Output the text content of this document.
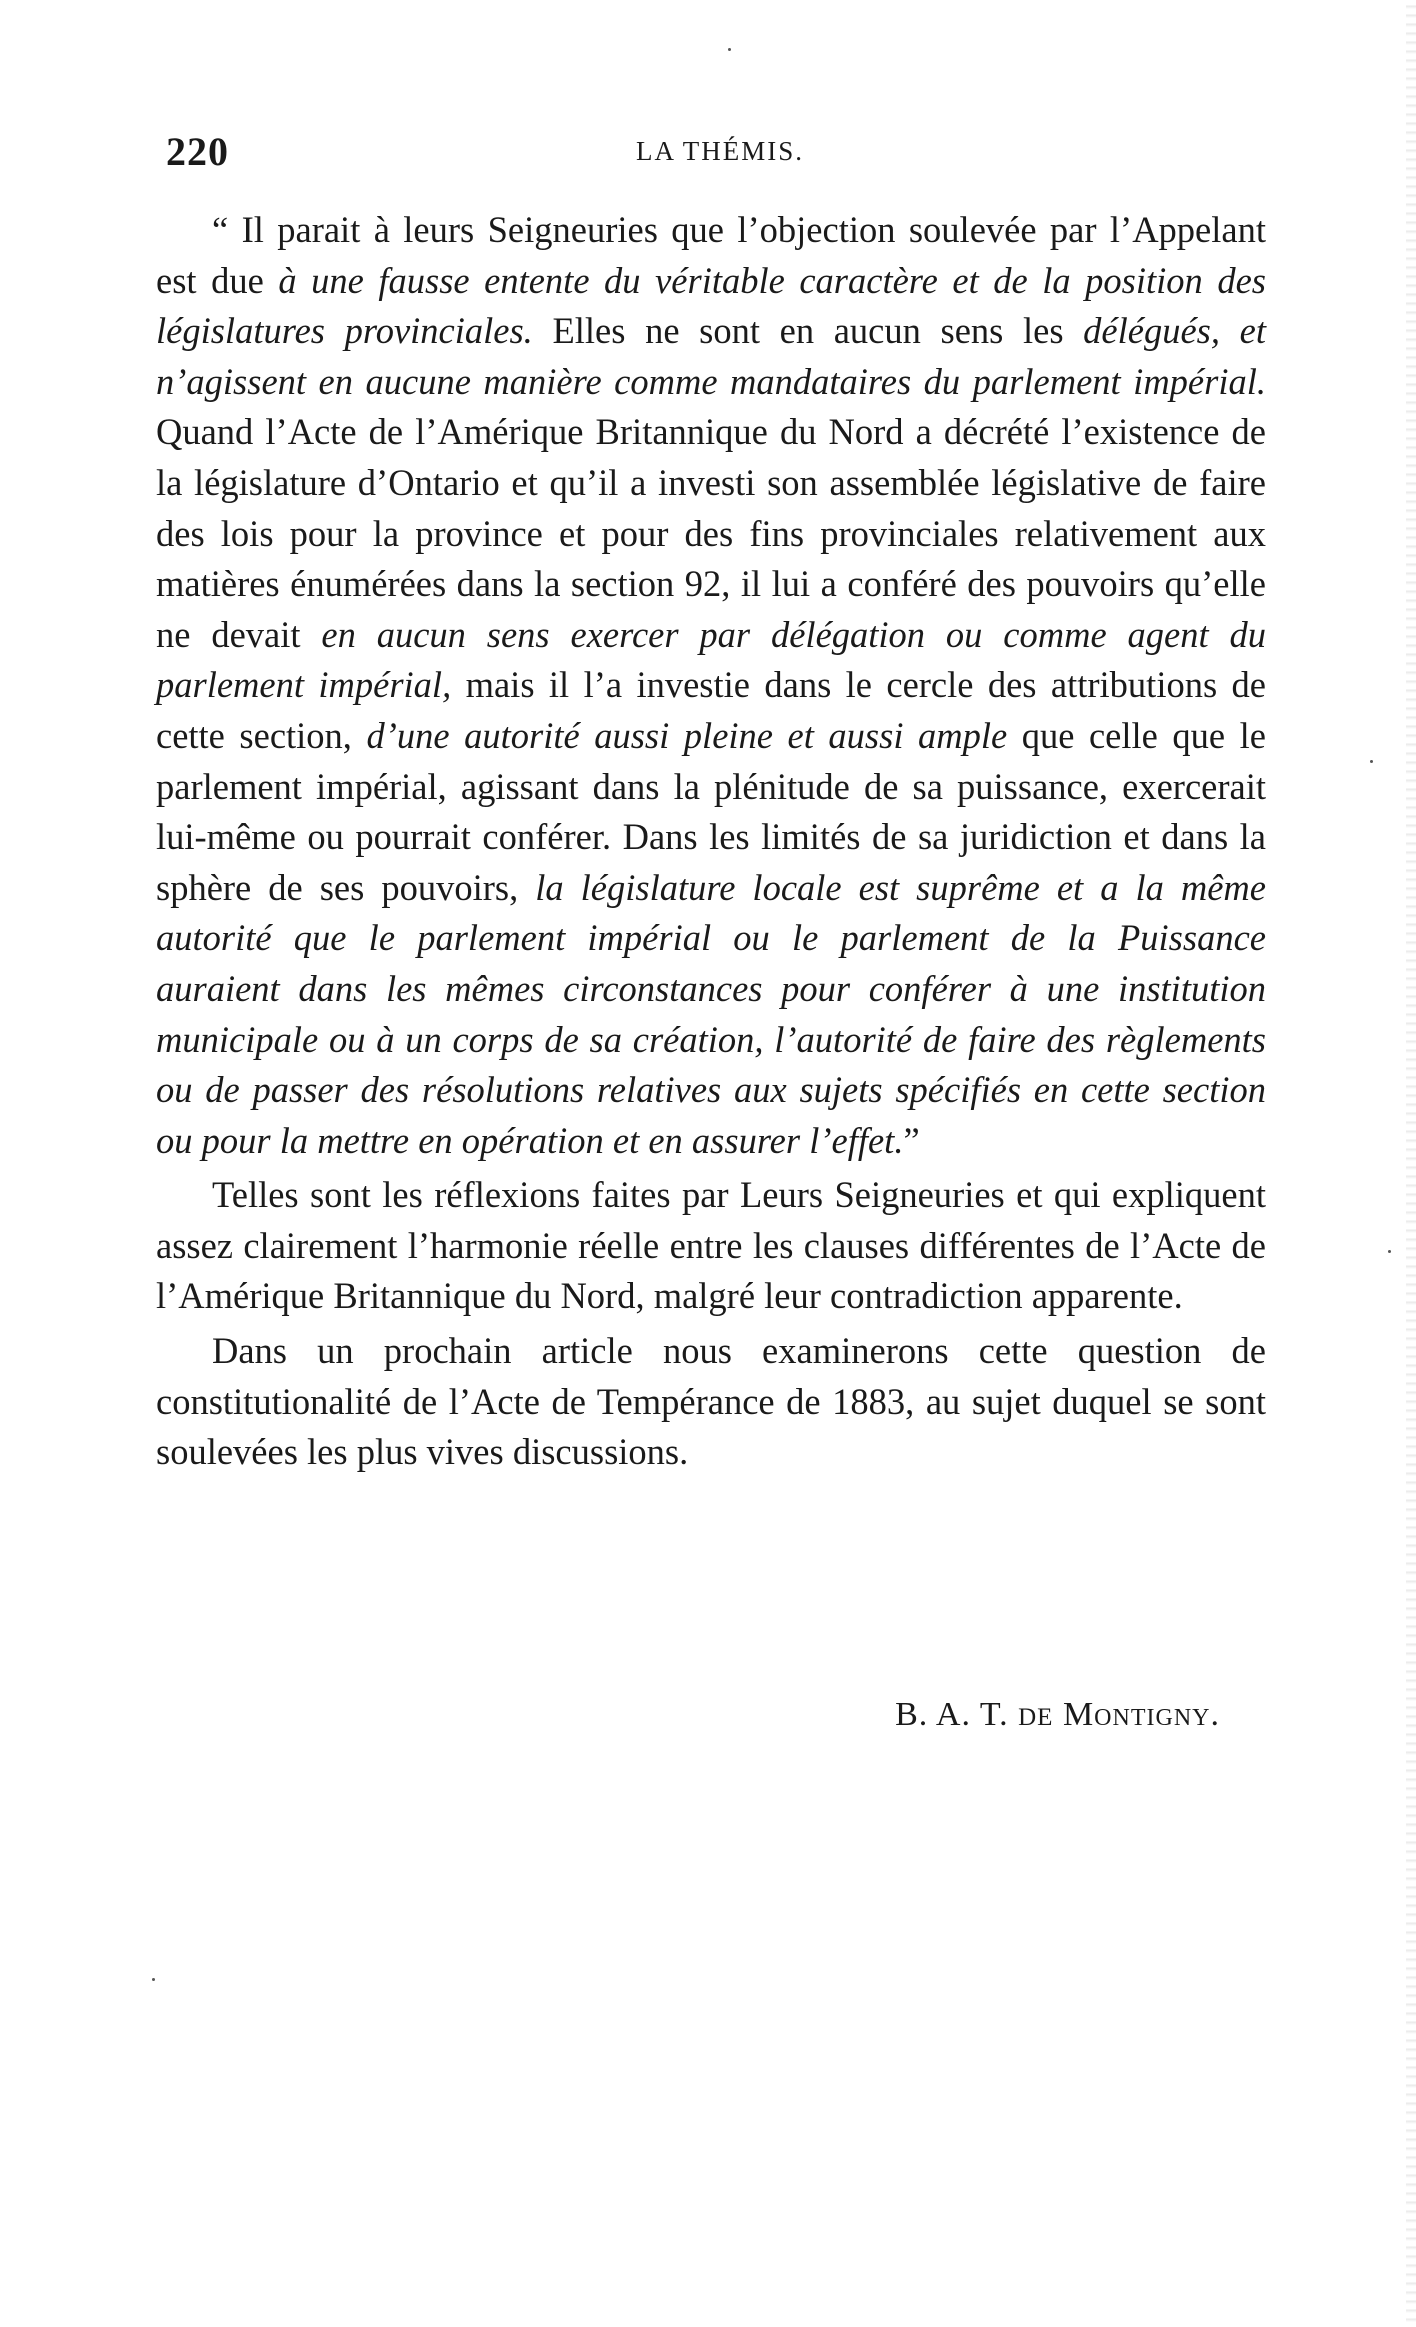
220	LA THÉMIS.

“ Il parait à leurs Seigneuries que l’objection soulevée par l’Appelant est due à une fausse entente du véritable caractère et de la position des législatures provinciales. Elles ne sont en aucun sens les délégués, et n’agissent en aucune manière comme mandataires du parlement impérial. Quand l’Acte de l’Amérique Britannique du Nord a décrété l’existence de la législature d’Ontario et qu’il a investi son assemblée législative de faire des lois pour la province et pour des fins provinciales relativement aux matières énumérées dans la section 92, il lui a conféré des pouvoirs qu’elle ne devait en aucun sens exercer par délégation ou comme agent du parlement impérial, mais il l’a investie dans le cercle des attributions de cette section, d’une autorité aussi pleine et aussi ample que celle que le parlement impérial, agissant dans la plénitude de sa puissance, exercerait lui-même ou pourrait conférer. Dans les limités de sa juridiction et dans la sphère de ses pouvoirs, la législature locale est suprême et a la même autorité que le parlement impérial ou le parlement de la Puissance auraient dans les mêmes circonstances pour conférer à une institution municipale ou à un corps de sa création, l’autorité de faire des règlements ou de passer des résolutions relatives aux sujets spécifiés en cette section ou pour la mettre en opération et en assurer l’effet.”

Telles sont les réflexions faites par Leurs Seigneuries et qui expliquent assez clairement l’harmonie réelle entre les clauses différentes de l’Acte de l’Amérique Britannique du Nord, malgré leur contradiction apparente.

Dans un prochain article nous examinerons cette question de constitutionalité de l’Acte de Tempérance de 1883, au sujet duquel se sont soulevées les plus vives discussions.

B. A. T. DE Montigny.
